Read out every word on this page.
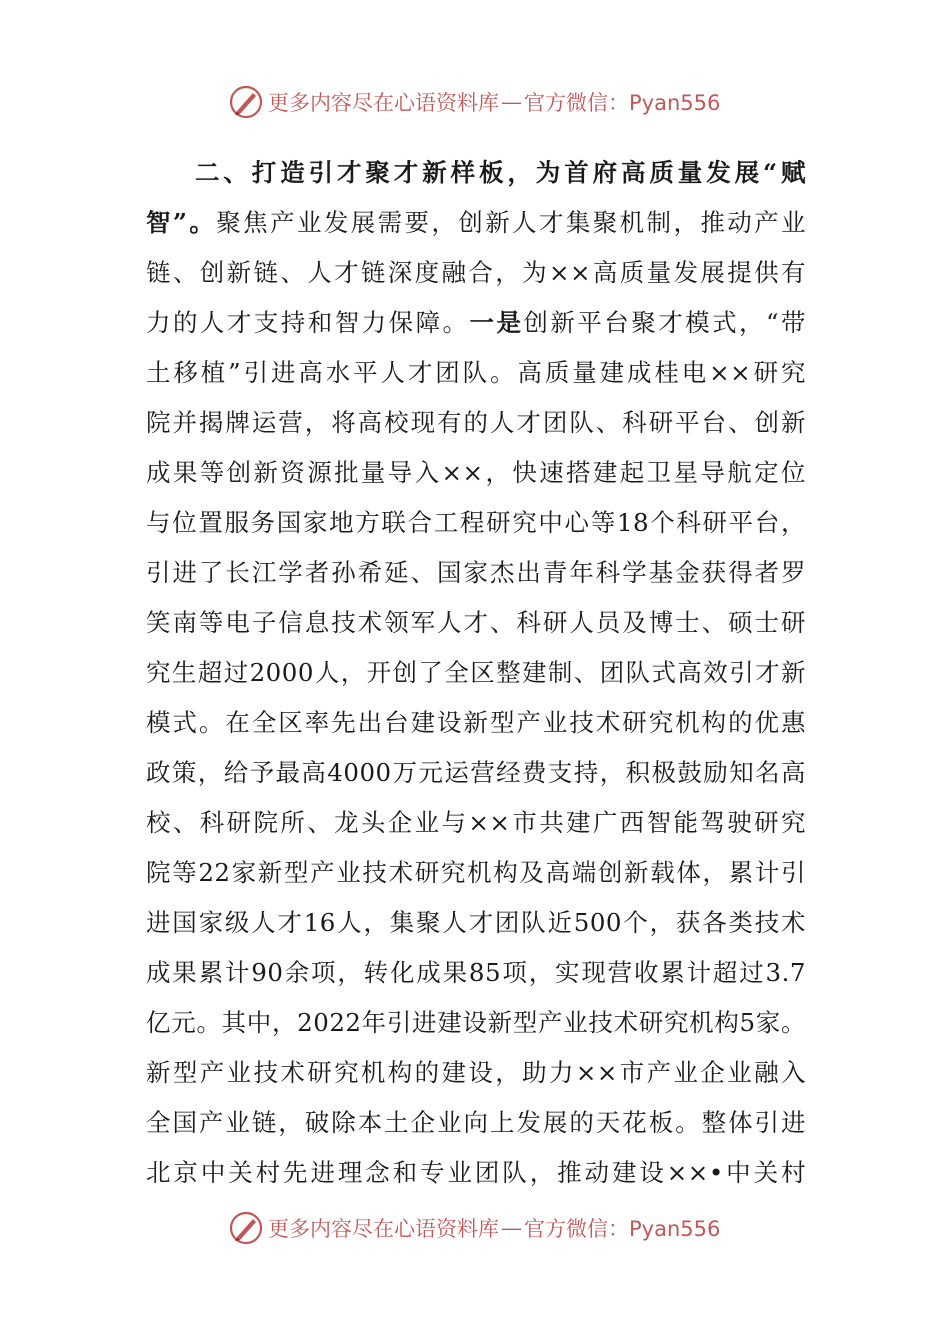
更多内容尽在心语资料库 — 官方微信：Pyan556
二、打造引才聚才新样板，为首府高质量发展“赋
智”。聚焦产业发展需要，创新人才集聚机制，推动产业
链、创新链、人才链深度融合，为××高质量发展提供有
力的人才支持和智力保障。一是创新平台聚才模式，“带
土移植”引进高水平人才团队。高质量建成桂电××研究
院并揭牌运营，将高校现有的人才团队、科研平台、创新
成果等创新资源批量导入××，快速搭建起卫星导航定位
与位置服务国家地方联合工程研究中心等18个科研平台，
引进了长江学者孙希延、国家杰出青年科学基金获得者罗
笑南等电子信息技术领军人才、科研人员及博士、硕士研
究生超过2000人，开创了全区整建制、团队式高效引才新
模式。在全区率先出台建设新型产业技术研究机构的优惠
政策，给予最高4000万元运营经费支持，积极鼓励知名高
校、科研院所、龙头企业与××市共建广西智能驾驶研究
院等22家新型产业技术研究机构及高端创新载体，累计引
进国家级人才16人，集聚人才团队近500个，获各类技术
成果累计90余项，转化成果85项，实现营收累计超过3.7
亿元。其中，2022年引进建设新型产业技术研究机构5家。
新型产业技术研究机构的建设，助力××市产业企业融入
全国产业链，破除本土企业向上发展的天花板。整体引进
北京中关村先进理念和专业团队，推动建设××•中关村
更多内容尽在心语资料库 — 官方微信：Pyan556
